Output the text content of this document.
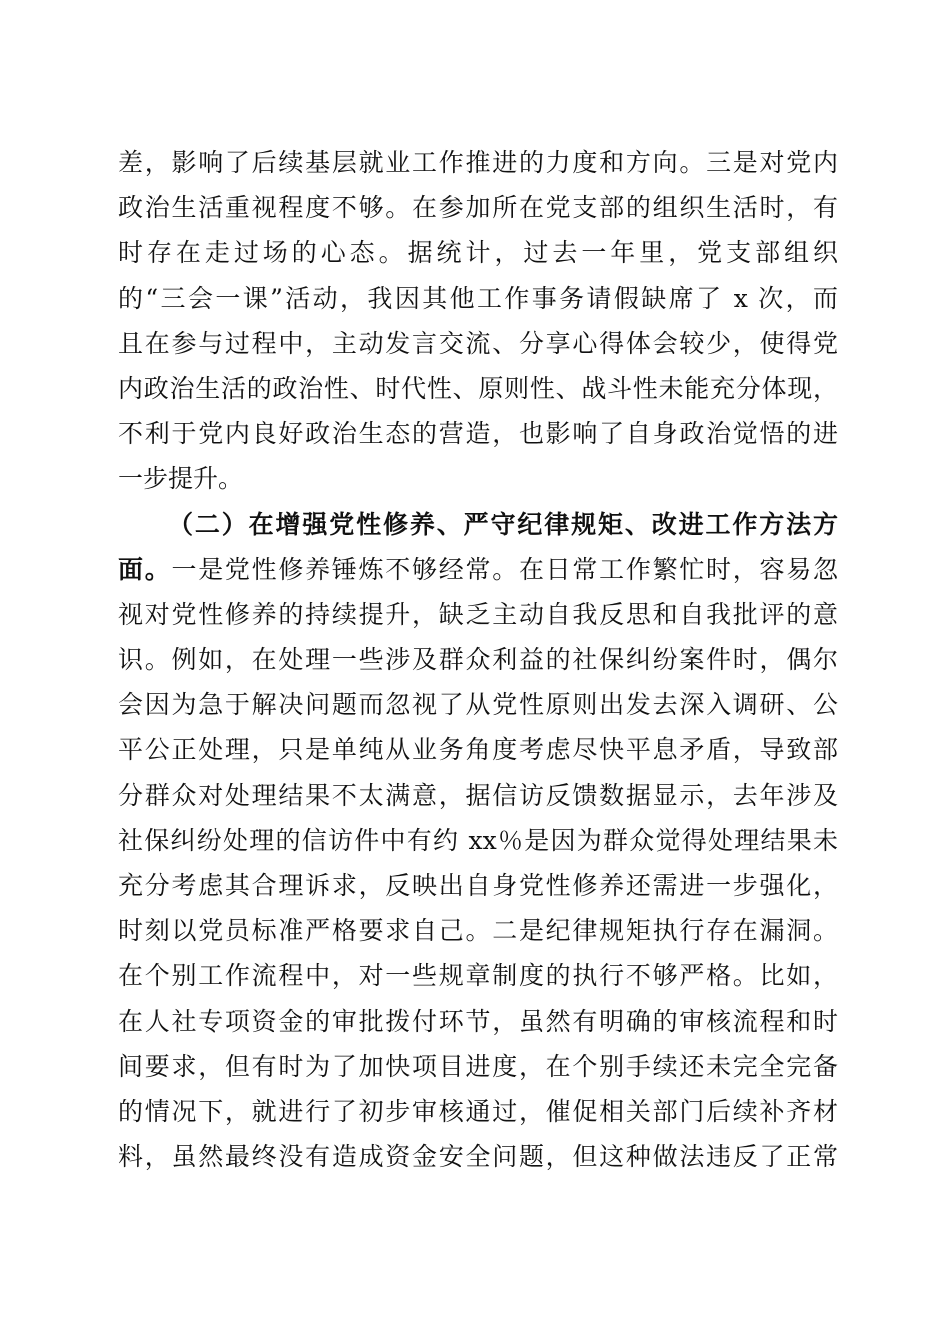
差，影响了后续基层就业工作推进的力度和方向。三是对党内
政治生活重视程度不够。在参加所在党支部的组织生活时，有
时存在走过场的心态。据统计，过去一年里，党支部组织
的“三会一课”活动，我因其他工作事务请假缺席了 x 次，而
且在参与过程中，主动发言交流、分享心得体会较少，使得党
内政治生活的政治性、时代性、原则性、战斗性未能充分体现，
不利于党内良好政治生态的营造，也影响了自身政治觉悟的进
一步提升。
（二）在增强党性修养、严守纪律规矩、改进工作方法方
面。一是党性修养锤炼不够经常。在日常工作繁忙时，容易忽
视对党性修养的持续提升，缺乏主动自我反思和自我批评的意
识。例如，在处理一些涉及群众利益的社保纠纷案件时，偶尔
会因为急于解决问题而忽视了从党性原则出发去深入调研、公
平公正处理，只是单纯从业务角度考虑尽快平息矛盾，导致部
分群众对处理结果不太满意，据信访反馈数据显示，去年涉及
社保纠纷处理的信访件中有约 xx％是因为群众觉得处理结果未
充分考虑其合理诉求，反映出自身党性修养还需进一步强化，
时刻以党员标准严格要求自己。二是纪律规矩执行存在漏洞。
在个别工作流程中，对一些规章制度的执行不够严格。比如，
在人社专项资金的审批拨付环节，虽然有明确的审核流程和时
间要求，但有时为了加快项目进度，在个别手续还未完全完备
的情况下，就进行了初步审核通过，催促相关部门后续补齐材
料，虽然最终没有造成资金安全问题，但这种做法违反了正常
